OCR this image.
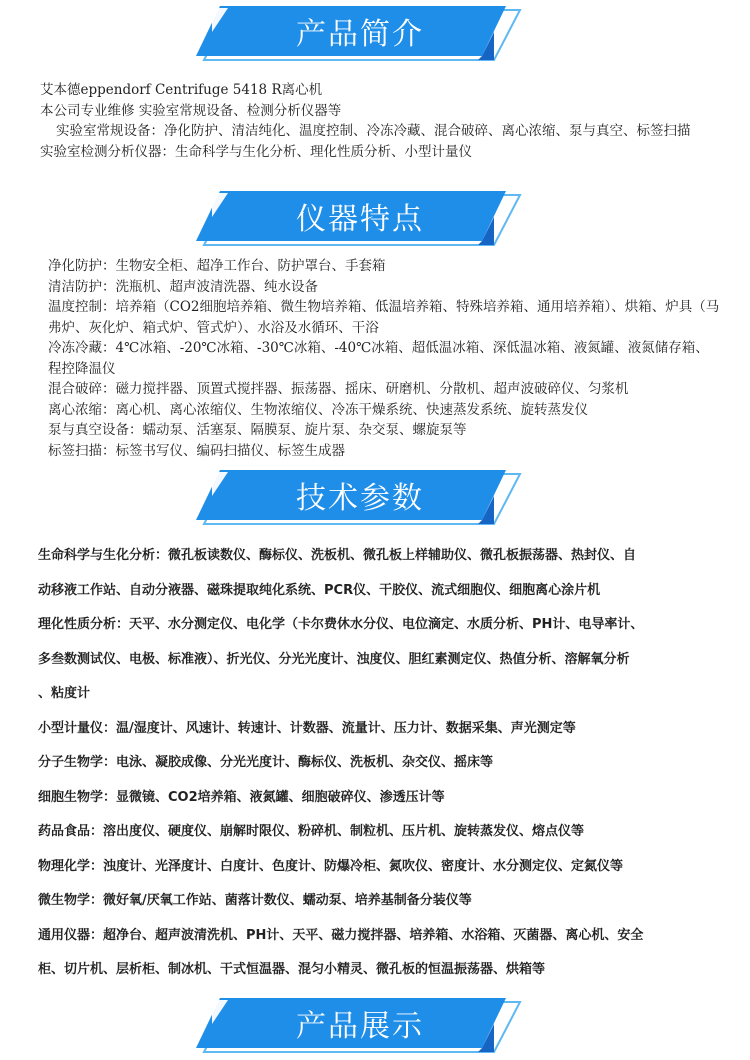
产品简介
艾本德eppendorf Centrifuge 5418 R离心机
本公司专业维修 实验室常规设备、检测分析仪器等
实验室常规设备：净化防护、清洁纯化、温度控制、冷冻冷藏、混合破碎、离心浓缩、泵与真空、标签扫描
实验室检测分析仪器：生命科学与生化分析、理化性质分析、小型计量仪
仪器特点
净化防护：生物安全柜、超净工作台、防护罩台、手套箱
清洁防护：洗瓶机、超声波清洗器、纯水设备
温度控制：培养箱（CO2细胞培养箱、微生物培养箱、低温培养箱、特殊培养箱、通用培养箱）、烘箱、炉具（马弗炉、灰化炉、箱式炉、管式炉）、水浴及水循环、干浴
冷冻冷藏：4℃冰箱、-20℃冰箱、-30℃冰箱、-40℃冰箱、超低温冰箱、深低温冰箱、液氮罐、液氮储存箱、程控降温仪
混合破碎：磁力搅拌器、顶置式搅拌器、振荡器、摇床、研磨机、分散机、超声波破碎仪、匀浆机
离心浓缩：离心机、离心浓缩仪、生物浓缩仪、冷冻干燥系统、快速蒸发系统、旋转蒸发仪
泵与真空设备：蠕动泵、活塞泵、隔膜泵、旋片泵、杂交泵、螺旋泵等
标签扫描：标签书写仪、编码扫描仪、标签生成器
技术参数
生命科学与生化分析：微孔板读数仪、酶标仪、洗板机、微孔板上样辅助仪、微孔板振荡器、热封仪、自
动移液工作站、自动分液器、磁珠提取纯化系统、PCR仪、干胶仪、流式细胞仪、细胞离心涂片机
理化性质分析：天平、水分测定仪、电化学（卡尔费休水分仪、电位滴定、水质分析、PH计、电导率计、
多叁数测试仪、电极、标准液）、折光仪、分光光度计、浊度仪、胆红素测定仪、热值分析、溶解氧分析
、粘度计
小型计量仪：温/湿度计、风速计、转速计、计数器、流量计、压力计、数据采集、声光测定等
分子生物学：电泳、凝胶成像、分光光度计、酶标仪、洗板机、杂交仪、摇床等
细胞生物学：显微镜、CO2培养箱、液氮罐、细胞破碎仪、渗透压计等
药品食品：溶出度仪、硬度仪、崩解时限仪、粉碎机、制粒机、压片机、旋转蒸发仪、熔点仪等
物理化学：浊度计、光泽度计、白度计、色度计、防爆冷柜、氮吹仪、密度计、水分测定仪、定氮仪等
微生物学：微好氧/厌氧工作站、菌落计数仪、蠕动泵、培养基制备分装仪等
通用仪器：超净台、超声波清洗机、PH计、天平、磁力搅拌器、培养箱、水浴箱、灭菌器、离心机、安全
柜、切片机、层析柜、制冰机、干式恒温器、混匀小精灵、微孔板的恒温振荡器、烘箱等
产品展示
